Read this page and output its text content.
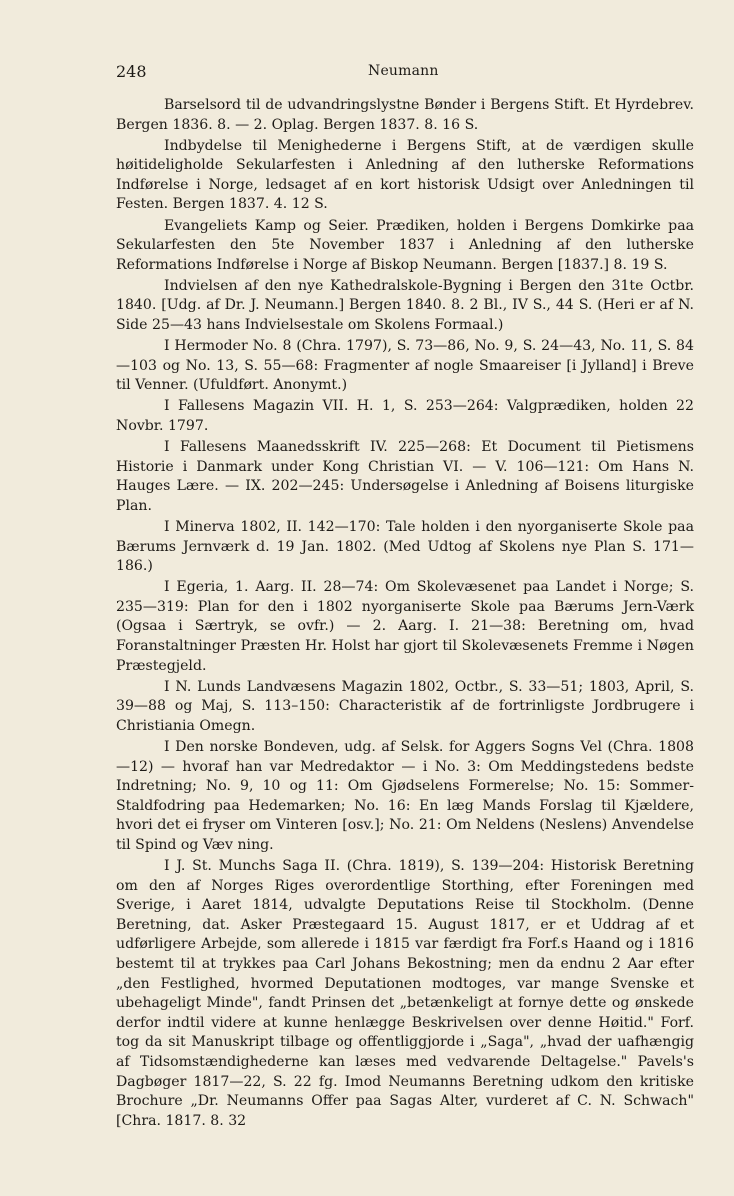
248	Neumann

Barselsord til de udvandringslystne Bønder i Bergens Stift. Et Hyrdebrev. Bergen 1836. 8. — 2. Oplag. Bergen 1837. 8. 16 S.

Indbydelse til Menighederne i Bergens Stift, at de værdigen skulle høitideligholde Sekularfesten i Anledning af den lutherske Reformations Indførelse i Norge, ledsaget af en kort historisk Udsigt over Anledningen til Festen. Bergen 1837. 4. 12 S.

Evangeliets Kamp og Seier. Prædiken, holden i Bergens Domkirke paa Sekularfesten den 5te November 1837 i Anledning af den lutherske Reformations Indførelse i Norge af Biskop Neumann. Bergen [1837.] 8. 19 S.

Indvielsen af den nye Kathedralskole-Bygning i Bergen den 31te Octbr. 1840. [Udg. af Dr. J. Neumann.] Bergen 1840. 8. 2 Bl., IV S., 44 S. (Heri er af N. Side 25—43 hans Indvielsestale om Skolens Formaal.)

I Hermoder No. 8 (Chra. 1797), S. 73—86, No. 9, S. 24—43, No. 11, S. 84—103 og No. 13, S. 55—68: Fragmenter af nogle Smaareiser [i Jylland] i Breve til Venner. (Ufuldført. Anonymt.)

I Fallesens Magazin VII. H. 1, S. 253—264: Valgprædiken, holden 22 Novbr. 1797.

I Fallesens Maanedsskrift IV. 225—268: Et Document til Pietismens Historie i Danmark under Kong Christian VI. — V. 106—121: Om Hans N. Hauges Lære. — IX. 202—245: Undersøgelse i Anledning af Boisens liturgiske Plan.

I Minerva 1802, II. 142—170: Tale holden i den nyorganiserte Skole paa Bærums Jernværk d. 19 Jan. 1802. (Med Udtog af Skolens nye Plan S. 171—186.)

I Egeria, 1. Aarg. II. 28—74: Om Skolevæsenet paa Landet i Norge; S. 235—319: Plan for den i 1802 nyorganiserte Skole paa Bærums Jern-Værk (Ogsaa i Særtryk, se ovfr.) — 2. Aarg. I. 21—38: Beretning om, hvad Foranstaltninger Præsten Hr. Holst har gjort til Skolevæsenets Fremme i Nøgen Præstegjeld.

I N. Lunds Landvæsens Magazin 1802, Octbr., S. 33—51; 1803, April, S. 39—88 og Maj, S. 113–150: Characteristik af de fortrinligste Jordbrugere i Christiania Omegn.

I Den norske Bondeven, udg. af Selsk. for Aggers Sogns Vel (Chra. 1808—12) — hvoraf han var Medredaktor — i No. 3: Om Meddingstedens bedste Indretning; No. 9, 10 og 11: Om Gjødselens Formerelse; No. 15: Sommer-Staldfodring paa Hedemarken; No. 16: En læg Mands Forslag til Kjældere, hvori det ei fryser om Vinteren [osv.]; No. 21: Om Neldens (Neslens) Anvendelse til Spind og Væv ning.

I J. St. Munchs Saga II. (Chra. 1819), S. 139—204: Historisk Beretning om den af Norges Riges overordentlige Storthing, efter Foreningen med Sverige, i Aaret 1814, udvalgte Deputations Reise til Stockholm. (Denne Beretning, dat. Asker Præstegaard 15. August 1817, er et Uddrag af et udførligere Arbejde, som allerede i 1815 var færdigt fra Forf.s Haand og i 1816 bestemt til at trykkes paa Carl Johans Bekostning; men da endnu 2 Aar efter „den Festlighed, hvormed Deputationen modtoges, var mange Svenske et ubehageligt Minde", fandt Prinsen det „betænkeligt at fornye dette og ønskede derfor indtil videre at kunne henlægge Beskrivelsen over denne Høitid." Forf. tog da sit Manuskript tilbage og offentliggjorde i „Saga", „hvad der uafhængig af Tidsomstændighederne kan læses med vedvarende Deltagelse." Pavels's Dagbøger 1817—22, S. 22 fg. Imod Neumanns Beretning udkom den kritiske Brochure „Dr. Neumanns Offer paa Sagas Alter, vurderet af C. N. Schwach" [Chra. 1817. 8. 32
